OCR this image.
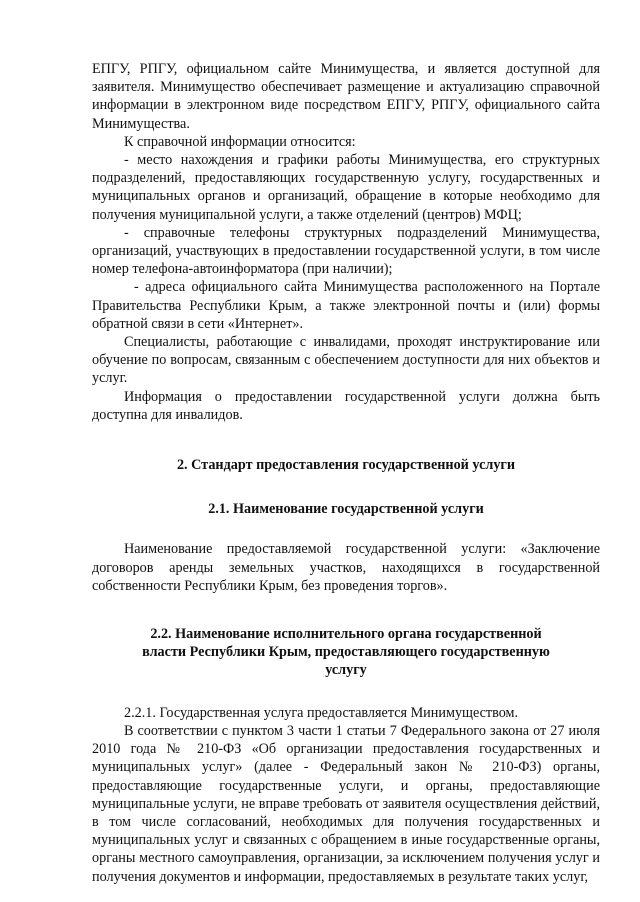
ЕПГУ, РПГУ, официальном сайте Минимущества, и является доступной для заявителя. Минимущество обеспечивает размещение и актуализацию справочной информации в электронном виде посредством ЕПГУ, РПГУ, официального сайта Минимущества.

К справочной информации относится:

- место нахождения и графики работы Минимущества, его структурных подразделений, предоставляющих государственную услугу, государственных и муниципальных органов и организаций, обращение в которые необходимо для получения муниципальной услуги, а также отделений (центров) МФЦ;

- справочные телефоны структурных подразделений Минимущества, организаций, участвующих в предоставлении государственной услуги, в том числе номер телефона-автоинформатора (при наличии);

- адреса официального сайта Минимущества расположенного на Портале Правительства Республики Крым, а также электронной почты и (или) формы обратной связи в сети «Интернет».

Специалисты, работающие с инвалидами, проходят инструктирование или обучение по вопросам, связанным с обеспечением доступности для них объектов и услуг.

Информация о предоставлении государственной услуги должна быть доступна для инвалидов.

2. Стандарт предоставления государственной услуги

2.1. Наименование государственной услуги

Наименование предоставляемой государственной услуги: «Заключение договоров аренды земельных участков, находящихся в государственной собственности Республики Крым, без проведения торгов».

2.2. Наименование исполнительного органа государственной власти Республики Крым, предоставляющего государственную услугу

2.2.1. Государственная услуга предоставляется Минимуществом.

В соответствии с пунктом 3 части 1 статьи 7 Федерального закона от 27 июля 2010 года № 210-ФЗ «Об организации предоставления государственных и муниципальных услуг» (далее - Федеральный закон № 210-ФЗ) органы, предоставляющие государственные услуги, и органы, предоставляющие муниципальные услуги, не вправе требовать от заявителя осуществления действий, в том числе согласований, необходимых для получения государственных и муниципальных услуг и связанных с обращением в иные государственные органы, органы местного самоуправления, организации, за исключением получения услуг и получения документов и информации, предоставляемых в результате таких услуг,
